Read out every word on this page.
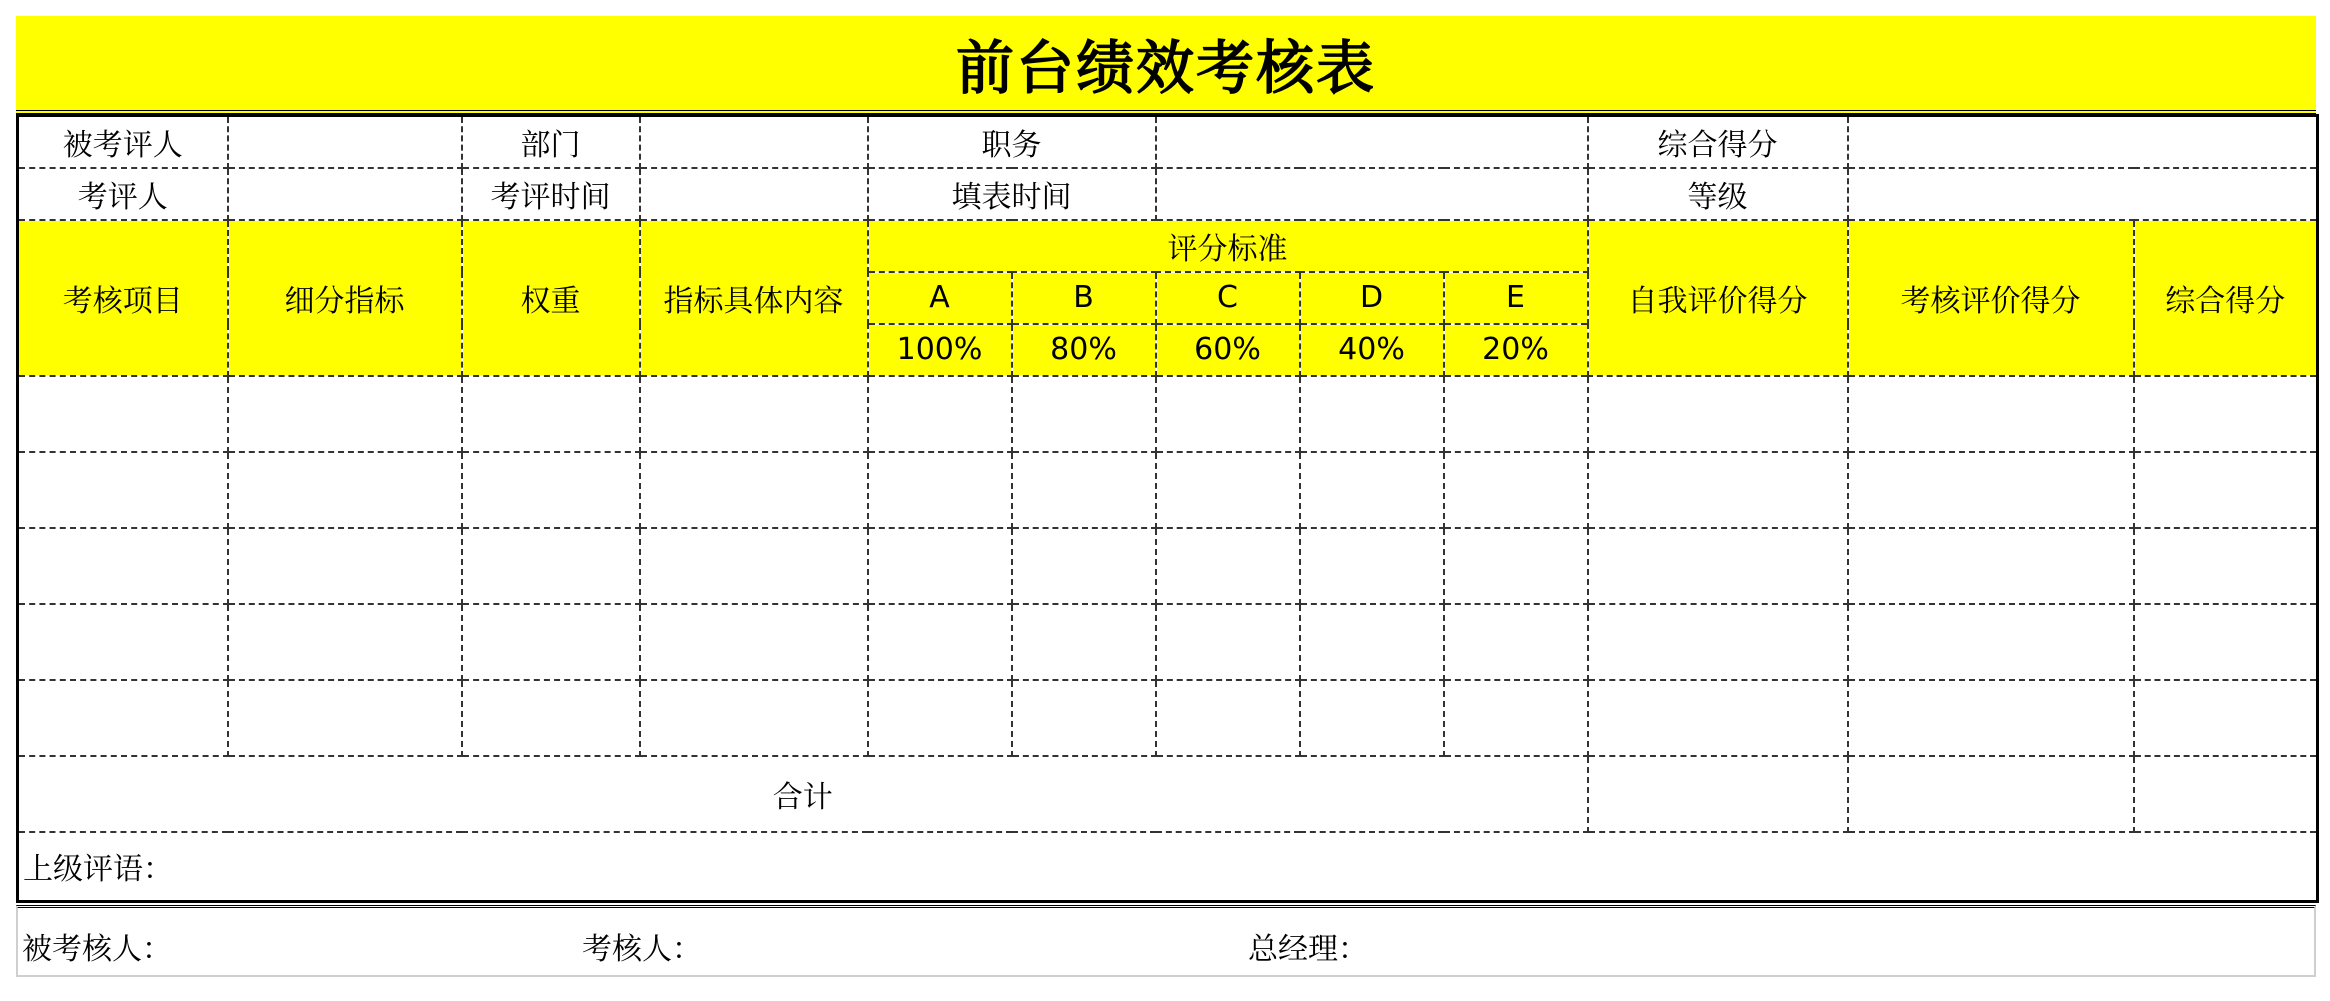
前台绩效考核表
被考评人		部门		职务					综合得分		
考评人		考评时间		填表时间					等级		
考核项目	细分指标	权重	指标具体内容	评分标准					自我评价得分	考核评价得分	综合得分
				A	B	C	D	E			
				100%	80%	60%	40%	20%			

合计											
上级评语：											
被考核人：	考核人：	总经理：
